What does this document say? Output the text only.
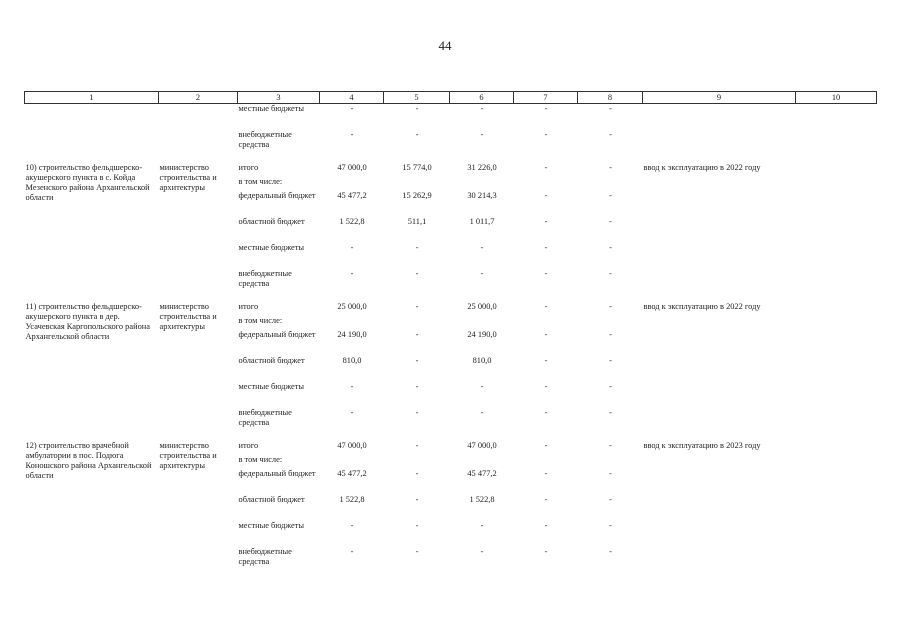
44
1	2	3	4	5	6	7	8	9	10
		местные бюджеты	-	-	-	-	-		
		внебюджетные средства	-	-	-	-	-		

10) строительство фельдшерско-акушерского пункта в с. Койда Мезенского района Архангельской области	министерство строительства и архитектуры	итого	47 000,0	15 774,0	31 226,0	-	-	ввод к эксплуатацию в 2022 году	
		в том числе:							
		федеральный бюджет	45 477,2	15 262,9	30 214,3	-	-		
		областной бюджет	1 522,8	511,1	1 011,7	-	-		
		местные бюджеты	-	-	-	-	-		
		внебюджетные средства	-	-	-	-	-		

11) строительство фельдшерско-акушерского пункта в дер. Усачевская Каргопольского района Архангельской области	министерство строительства и архитектуры	итого	25 000,0	-	25 000,0	-	-	ввод к эксплуатацию в 2022 году	
		в том числе:							
		федеральный бюджет	24 190,0	-	24 190,0	-	-		
		областной бюджет	810,0	-	810,0	-	-		
		местные бюджеты	-	-	-	-	-		
		внебюджетные средства	-	-	-	-	-		

12) строительство врачебной амбулатории в пос. Подюга Коношского района Архангельской области	министерство строительства и архитектуры	итого	47 000,0	-	47 000,0	-	-	ввод к эксплуатацию в 2023 году	
		в том числе:							
		федеральный бюджет	45 477,2	-	45 477,2	-	-		
		областной бюджет	1 522,8	-	1 522,8	-	-		
		местные бюджеты	-	-	-	-	-		
		внебюджетные средства	-	-	-	-	-		
